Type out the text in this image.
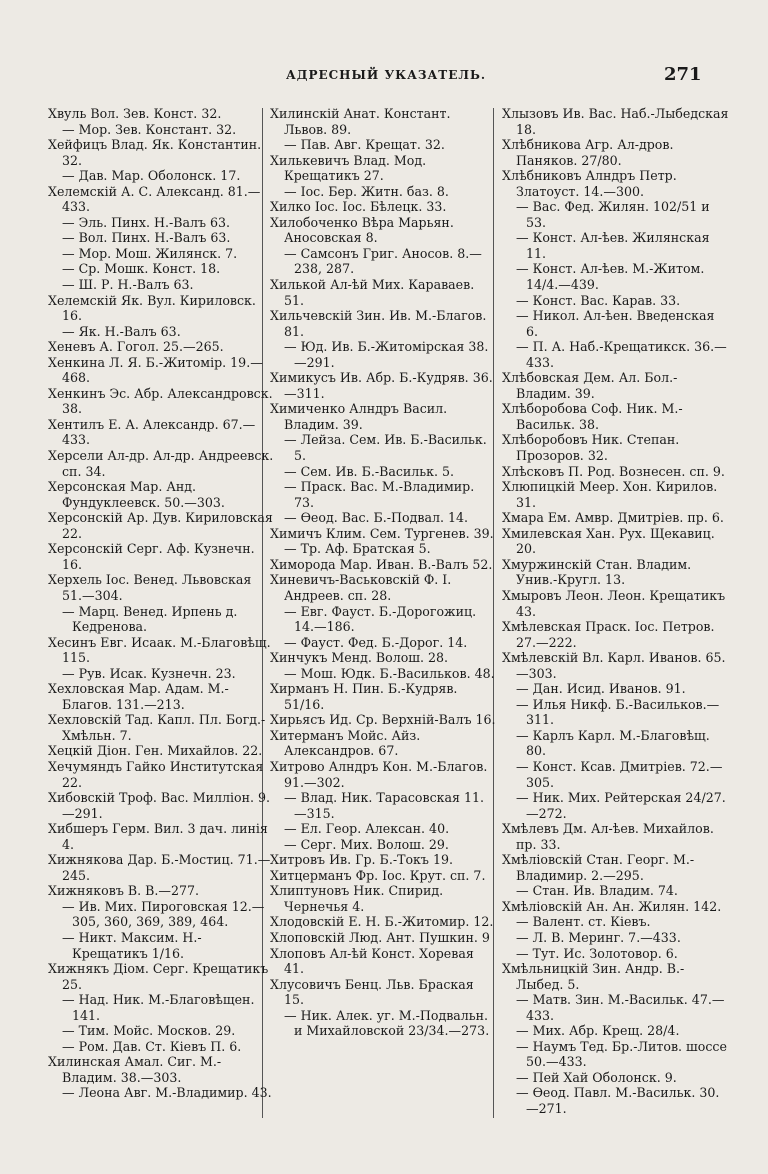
АДРЕСНЫЙ УКАЗАТЕЛЬ.	271

Хвуль Вол. Зев. Конст. 32.

— Мор. Зев. Констант. 32.

Хейфицъ Влад. Як. Константин. 32.

— Дав. Мар. Оболонск. 17.

Хелемскій А. С. Александ. 81.—433.

— Эль. Пинх. Н.-Валъ 63.

— Вол. Пинх. Н.-Валъ 63.

— Мор. Мош. Жилянск. 7.

— Ср. Мошк. Конст. 18.

— Ш. Р. Н.-Валъ 63.

Хелемскій Як. Вул. Кириловск. 16.

— Як. Н.-Валъ 63.

Хеневъ А. Гогол. 25.—265.

Хенкина Л. Я. Б.-Житомір. 19.—468.

Хенкинъ Эс. Абр. Александровск. 38.

Хентилъ Е. А. Александр. 67.—433.

Херсели Ал-др. Ал-др. Андреевск. сп. 34.

Херсонская Мар. Анд. Фундуклеевск. 50.—303.

Херсонскій Ар. Дув. Кириловская 22.

Херсонскій Серг. Аф. Кузнечн. 16.

Херхель Іос. Венед. Львовская 51.—304.

— Марц. Венед. Ирпень д. Кедренова.

Хесинъ Евг. Исаак. М.-Благовѣщ. 115.

— Рув. Исак. Кузнечн. 23.

Хехловская Мар. Адам. М.-Благов. 131.—213.

Хехловскій Тад. Капл. Пл. Богд.-Хмѣльн. 7.

Хецкій Діон. Ген. Михайлов. 22.

Хечумяндъ Гайко Институтская 22.

Хибовскій Троф. Вас. Милліон. 9.—291.

Хибшеръ Герм. Вил. 3 дач. линія 4.

Хижнякова Дар. Б.-Мостиц. 71.—245.

Хижняковъ В. В.—277.

— Ив. Мих. Пироговская 12.—305, 360, 369, 389, 464.

— Никт. Максим. Н.-Крещатикъ 1/16.

Хижнякъ Діом. Серг. Крещатикъ 25.

— Над. Ник. М.-Благовѣщен. 141.

— Тим. Мойс. Москов. 29.

— Ром. Дав. Ст. Кіевъ П. 6.

Хилинская Амал. Сиг. М.-Владим. 38.—303.

— Леона Авг. М.-Владимир. 43.

Хилинскій Анат. Констант. Львов. 89.

— Пав. Авг. Крещат. 32.

Хилькевичъ Влад. Мод. Крещатикъ 27.

— Іос. Бер. Житн. баз. 8.

Хилко Іос. Іос. Бѣлецк. 33.

Хилобоченко Вѣра Марьян. Аносовская 8.

— Самсонъ Григ. Аносов. 8.—238, 287.

Хилькой Ал-ѣй Мих. Караваев. 51.

Хильчевскій Зин. Ив. М.-Благов. 81.

— Юд. Ив. Б.-Житомірская 38.—291.

Химикусъ Ив. Абр. Б.-Кудряв. 36.—311.

Химиченко Алндръ Васил. Владим. 39.

— Лейза. Сем. Ив. Б.-Васильк. 5.

— Сем. Ив. Б.-Васильк. 5.

— Праск. Вас. М.-Владимир. 73.

— Ѳеод. Вас. Б.-Подвал. 14.

Химичъ Клим. Сем. Тургенев. 39.

— Тр. Аф. Братская 5.

Химорода Мар. Иван. В.-Валъ 52.

Хиневичъ-Васьковскій Ф. І. Андреев. сп. 28.

— Евг. Фауст. Б.-Дорогожиц. 14.—186.

— Фауст. Фед. Б.-Дорог. 14.

Хинчукъ Менд. Волош. 28.

— Мош. Юдк. Б.-Васильков. 48.

Хирманъ Н. Пин. Б.-Кудряв. 51/16.

Хирьясъ Ид. Ср. Верхній-Валъ 16.

Хитерманъ Мойс. Айз. Александров. 67.

Хитрово Алндръ Кон. М.-Благов. 91.—302.

— Влад. Ник. Тарасовская 11.—315.

— Ел. Геор. Алексан. 40.

— Серг. Мих. Волош. 29.

Хитровъ Ив. Гр. Б.-Токъ 19.

Хитцерманъ Фр. Іос. Крут. сп. 7.

Хлиптуновъ Ник. Спирид. Чернечья 4.

Хлодовскій Е. Н. Б.-Житомир. 12.

Хлоповскій Люд. Ант. Пушкин. 9

Хлоповъ Ал-ѣй Конст. Хоревая 41.

Хлусовичъ Бенц. Льв. Браская 15.

— Ник. Алек. уг. М.-Подвальн. и Михайловской 23/34.—273.

Хлызовъ Ив. Вас. Наб.-Лыбедская 18.

Хлѣбникова Агр. Ал-дров. Паняков. 27/80.

Хлѣбниковъ Алндръ Петр. Златоуст. 14.—300.

— Вас. Фед. Жилян. 102/51 и 53.

— Конст. Ал-ѣев. Жилянская 11.

— Конст. Ал-ѣев. М.-Житом. 14/4.—439.

— Конст. Вас. Карав. 33.

— Никол. Ал-ѣен. Введенская 6.

— П. А. Наб.-Крещатикск. 36.—433.

Хлѣбовская Дем. Ал. Бол.-Владим. 39.

Хлѣборобова Соф. Ник. М.-Васильк. 38.

Хлѣборобовъ Ник. Степан. Прозоров. 32.

Хлѣсковъ П. Род. Вознесен. сп. 9.

Хлюпицкій Меер. Хон. Кирилов. 31.

Хмара Ем. Амвр. Дмитріев. пр. 6.

Хмилевская Хан. Рух. Щекавиц. 20.

Хмуржинскій Стан. Владим. Унив.-Кругл. 13.

Хмыровъ Леон. Леон. Крещатикъ 43.

Хмѣлевская Праск. Іос. Петров. 27.—222.

Хмѣлевскій Вл. Карл. Иванов. 65.—303.

— Дан. Исид. Иванов. 91.

— Илья Никф. Б.-Васильков.—311.

— Карлъ Карл. М.-Благовѣщ. 80.

— Конст. Ксав. Дмитріев. 72.—305.

— Ник. Мих. Рейтерская 24/27.—272.

Хмѣлевъ Дм. Ал-ѣев. Михайлов. пр. 33.

Хмѣліовскій Стан. Георг. М.-Владимир. 2.—295.

— Стан. Ив. Владим. 74.

Хмѣліовскій Ан. Ан. Жилян. 142.

— Валент. ст. Кіевъ.

— Л. В. Меринг. 7.—433.

— Тут. Ис. Золотовор. 6.

Хмѣльницкій Зин. Андр. В.-Лыбед. 5.

— Матв. Зин. М.-Васильк. 47.—433.

— Мих. Абр. Крещ. 28/4.

— Наумъ Тед. Бр.-Литов. шоссе 50.—433.

— Пей Хай Оболонск. 9.

— Ѳеод. Павл. М.-Васильк. 30.—271.
